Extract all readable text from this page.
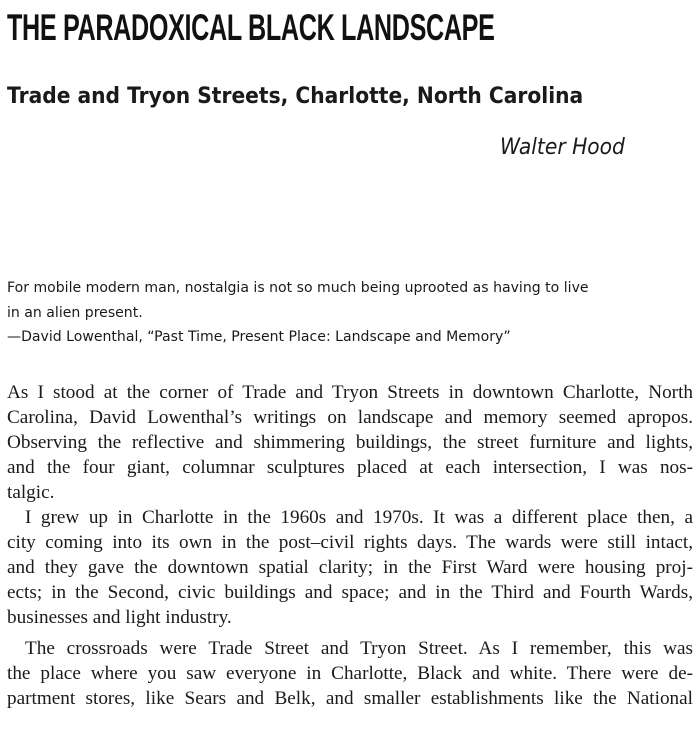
THE PARADOXICAL BLACK LANDSCAPE
Trade and Tryon Streets, Charlotte, North Carolina
Walter Hood
For mobile modern man, nostalgia is not so much being uprooted as having to live
in an alien present.
—David Lowenthal, “Past Time, Present Place: Landscape and Memory”
As I stood at the corner of Trade and Tryon Streets in downtown Charlotte, North
Carolina, David Lowenthal’s writings on landscape and memory seemed apropos.
Observing the reflective and shimmering buildings, the street furniture and lights,
and the four giant, columnar sculptures placed at each intersection, I was nos-
talgic.
I grew up in Charlotte in the 1960s and 1970s. It was a different place then, a
city coming into its own in the post–civil rights days. The wards were still intact,
and they gave the downtown spatial clarity; in the First Ward were housing proj-
ects; in the Second, civic buildings and space; and in the Third and Fourth Wards,
businesses and light industry.
The crossroads were Trade Street and Tryon Street. As I remember, this was
the place where you saw everyone in Charlotte, Black and white. There were de-
partment stores, like Sears and Belk, and smaller establishments like the National
